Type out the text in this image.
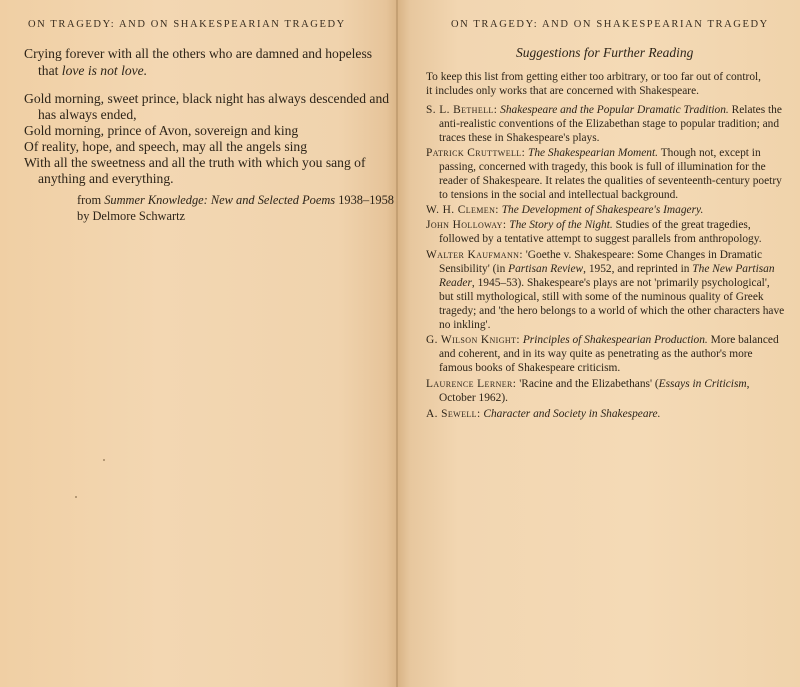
ON TRAGEDY: AND ON SHAKESPEARIAN TRAGEDY
Crying forever with all the others who are damned and hopeless
that love is not love.
Gold morning, sweet prince, black night has always descended and
has always ended,
Gold morning, prince of Avon, sovereign and king
Of reality, hope, and speech, may all the angels sing
With all the sweetness and all the truth with which you sang of
anything and everything.
from Summer Knowledge: New and Selected Poems 1938–1958
by Delmore Schwartz
ON TRAGEDY: AND ON SHAKESPEARIAN TRAGEDY
Suggestions for Further Reading
To keep this list from getting either too arbitrary, or too far out of control,
it includes only works that are concerned with Shakespeare.
S. L. Bethell: Shakespeare and the Popular Dramatic Tradition. Relates the
anti-realistic conventions of the Elizabethan stage to popular tradition; and
traces these in Shakespeare's plays.
Patrick Cruttwell: The Shakespearian Moment. Though not, except in
passing, concerned with tragedy, this book is full of illumination for the
reader of Shakespeare. It relates the qualities of seventeenth-century poetry
to tensions in the social and intellectual background.
W. H. Clemen: The Development of Shakespeare's Imagery.
John Holloway: The Story of the Night. Studies of the great tragedies,
followed by a tentative attempt to suggest parallels from anthropology.
Walter Kaufmann: 'Goethe v. Shakespeare: Some Changes in Dramatic
Sensibility' (in Partisan Review, 1952, and reprinted in The New Partisan
Reader, 1945–53). Shakespeare's plays are not 'primarily psychological',
but still mythological, still with some of the numinous quality of Greek
tragedy; and 'the hero belongs to a world of which the other characters have
no inkling'.
G. Wilson Knight: Principles of Shakespearian Production. More balanced
and coherent, and in its way quite as penetrating as the author's more
famous books of Shakespeare criticism.
Laurence Lerner: 'Racine and the Elizabethans' (Essays in Criticism,
October 1962).
A. Sewell: Character and Society in Shakespeare.
